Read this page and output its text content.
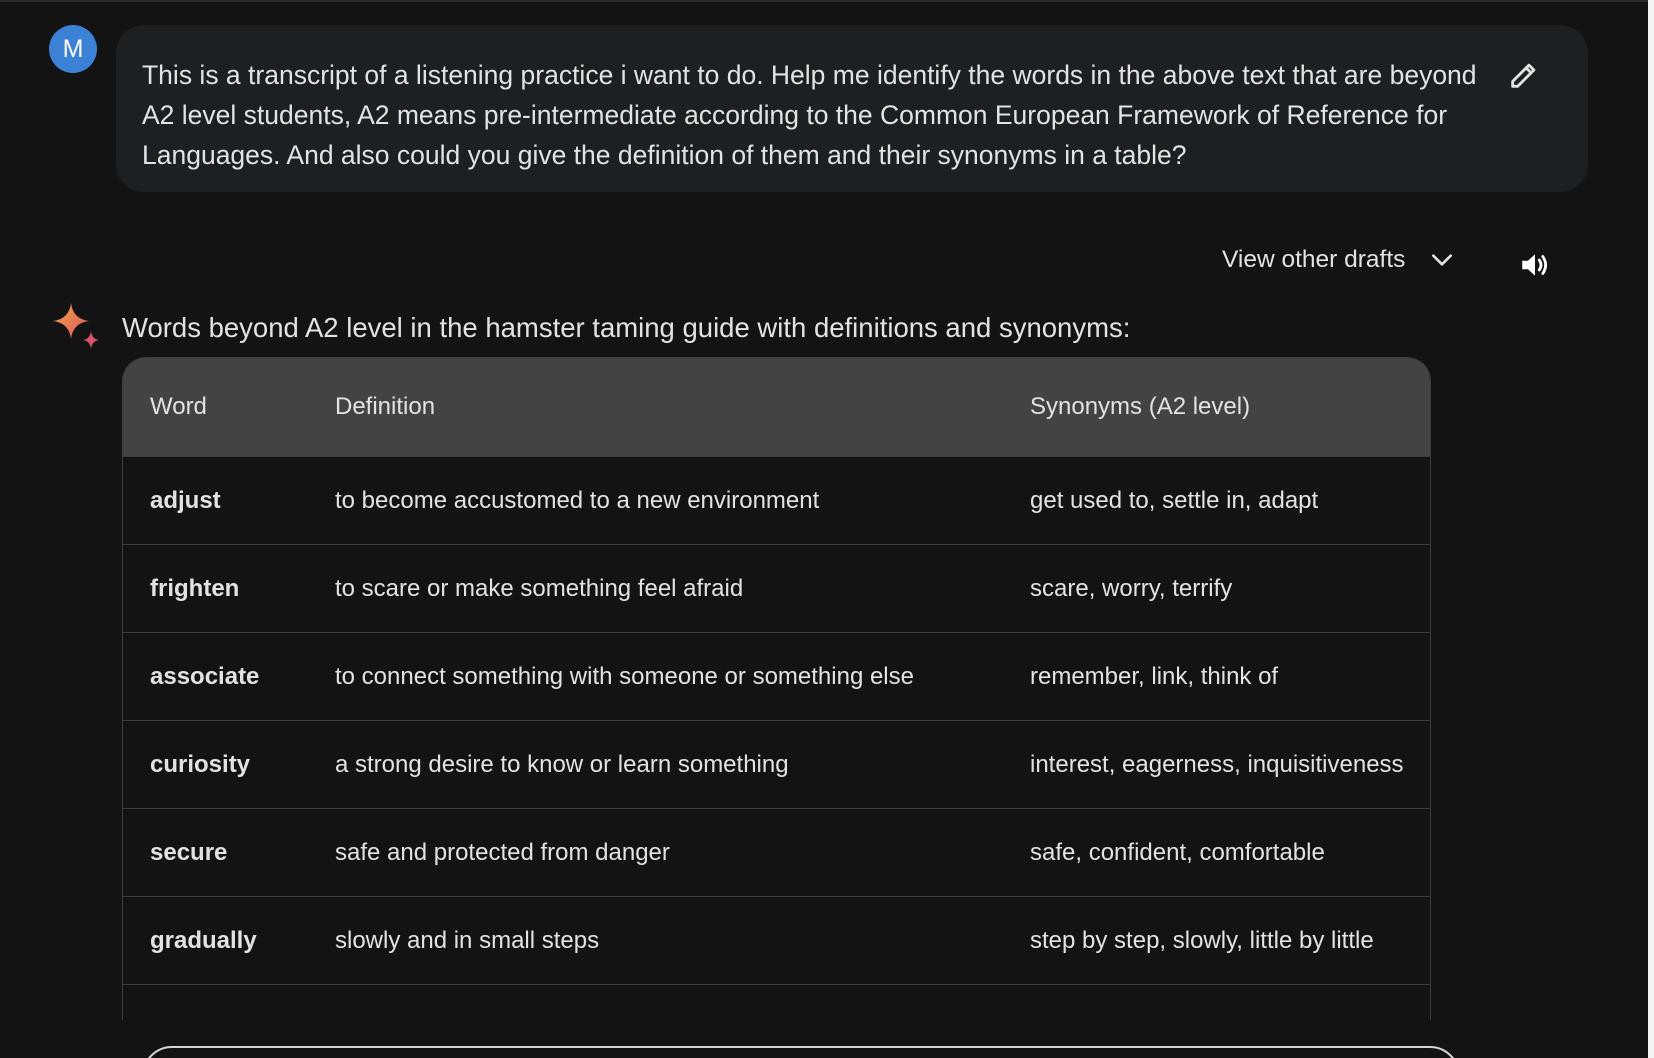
M

This is a transcript of a listening practice i want to do. Help me identify the words in the above text that are beyond A2 level students, A2 means pre-intermediate according to the Common European Framework of Reference for Languages. And also could you give the definition of them and their synonyms in a table?

View other drafts

Words beyond A2 level in the hamster taming guide with definitions and synonyms:

Word	Definition	Synonyms (A2 level)
adjust	to become accustomed to a new environment	get used to, settle in, adapt
frighten	to scare or make something feel afraid	scare, worry, terrify
associate	to connect something with someone or something else	remember, link, think of
curiosity	a strong desire to know or learn something	interest, eagerness, inquisitiveness
secure	safe and protected from danger	safe, confident, comfortable
gradually	slowly and in small steps	step by step, slowly, little by little
